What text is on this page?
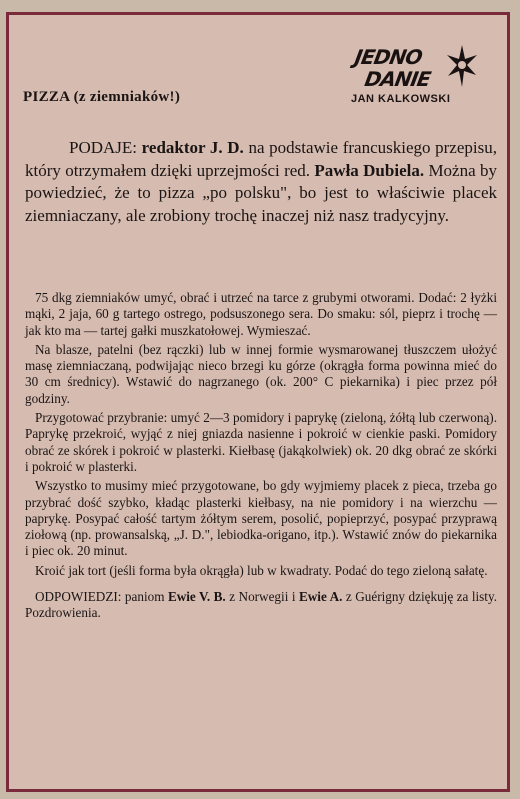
JEDNO
DANIE
JAN KALKOWSKI
PIZZA (z ziemniaków!)
PODAJE: redaktor J. D. na podstawie francuskiego przepisu, który otrzymałem dzięki uprzejmości red. Pawła Dubiela. Można by powiedzieć, że to pizza „po polsku", bo jest to właściwie placek ziemniaczany, ale zrobiony trochę inaczej niż nasz tradycyjny.

75 dkg ziemniaków umyć, obrać i utrzeć na tarce z grubymi otworami. Dodać: 2 łyżki mąki, 2 jaja, 60 g tartego ostrego, podsuszonego sera. Do smaku: sól, pieprz i trochę — jak kto ma — tartej gałki muszkatołowej. Wymieszać.

Na blasze, patelni (bez rączki) lub w innej formie wysmarowanej tłuszczem ułożyć masę ziemniaczaną, podwijając nieco brzegi ku górze (okrągła forma powinna mieć do 30 cm średnicy). Wstawić do nagrzanego (ok. 200° C piekarnika) i piec przez pół godziny.

Przygotować przybranie: umyć 2—3 pomidory i paprykę (zieloną, żółtą lub czerwoną). Paprykę przekroić, wyjąć z niej gniazda nasienne i pokroić w cienkie paski. Pomidory obrać ze skórek i pokroić w plasterki. Kiełbasę (jakąkolwiek) ok. 20 dkg obrać ze skórki i pokroić w plasterki.

Wszystko to musimy mieć przygotowane, bo gdy wyjmiemy placek z pieca, trzeba go przybrać dość szybko, kładąc plasterki kiełbasy, na nie pomidory i na wierzchu — paprykę. Posypać całość tartym żółtym serem, posolić, popieprzyć, posypać przyprawą ziołową (np. prowansalską, „J. D.", lebiodka-origano, itp.). Wstawić znów do piekarnika i piec ok. 20 minut.

Kroić jak tort (jeśli forma była okrągła) lub w kwadraty. Podać do tego zieloną sałatę.

ODPOWIEDZI: paniom Ewie V. B. z Norwegii i Ewie A. z Guérigny dziękuję za listy. Pozdrowienia.
